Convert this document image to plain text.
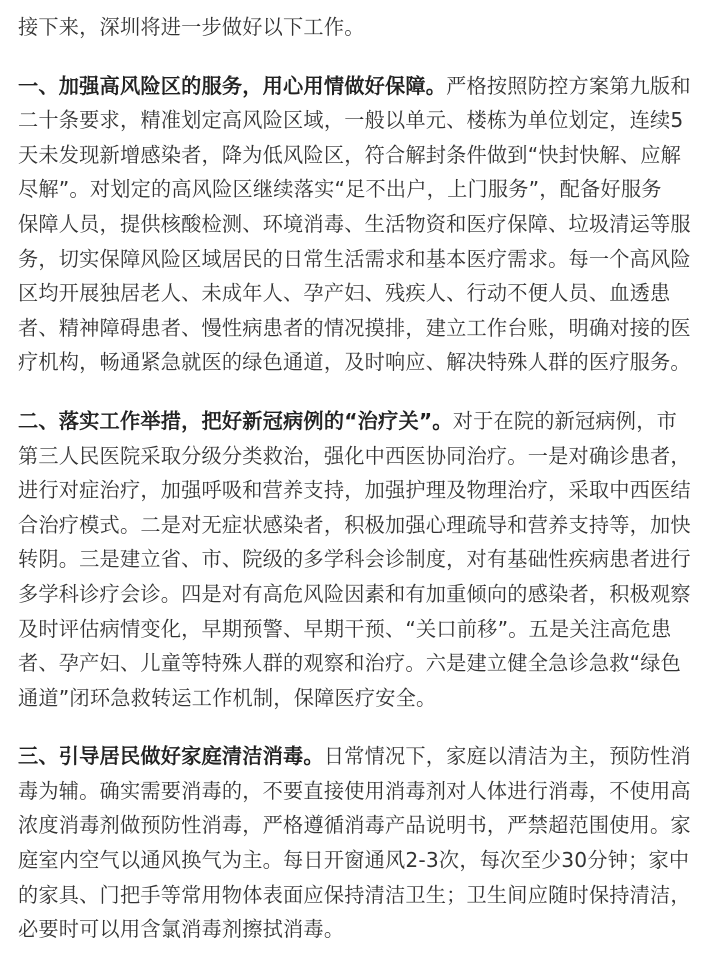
接下来，深圳将进一步做好以下工作。

一、加强高风险区的服务，用心用情做好保障。严格按照防控方案第九版和
二十条要求，精准划定高风险区域，一般以单元、楼栋为单位划定，连续5
天未发现新增感染者，降为低风险区，符合解封条件做到“快封快解、应解
尽解”。对划定的高风险区继续落实“足不出户，上门服务”，配备好服务
保障人员，提供核酸检测、环境消毒、生活物资和医疗保障、垃圾清运等服
务，切实保障风险区域居民的日常生活需求和基本医疗需求。每一个高风险
区均开展独居老人、未成年人、孕产妇、残疾人、行动不便人员、血透患
者、精神障碍患者、慢性病患者的情况摸排，建立工作台账，明确对接的医
疗机构，畅通紧急就医的绿色通道，及时响应、解决特殊人群的医疗服务。

二、落实工作举措，把好新冠病例的“治疗关”。对于在院的新冠病例，市
第三人民医院采取分级分类救治，强化中西医协同治疗。一是对确诊患者，
进行对症治疗，加强呼吸和营养支持，加强护理及物理治疗，采取中西医结
合治疗模式。二是对无症状感染者，积极加强心理疏导和营养支持等，加快
转阴。三是建立省、市、院级的多学科会诊制度，对有基础性疾病患者进行
多学科诊疗会诊。四是对有高危风险因素和有加重倾向的感染者，积极观察
及时评估病情变化，早期预警、早期干预、“关口前移”。五是关注高危患
者、孕产妇、儿童等特殊人群的观察和治疗。六是建立健全急诊急救“绿色
通道”闭环急救转运工作机制，保障医疗安全。

三、引导居民做好家庭清洁消毒。日常情况下，家庭以清洁为主，预防性消
毒为辅。确实需要消毒的，不要直接使用消毒剂对人体进行消毒，不使用高
浓度消毒剂做预防性消毒，严格遵循消毒产品说明书，严禁超范围使用。家
庭室内空气以通风换气为主。每日开窗通风2-3次，每次至少30分钟；家中
的家具、门把手等常用物体表面应保持清洁卫生；卫生间应随时保持清洁，
必要时可以用含氯消毒剂擦拭消毒。
